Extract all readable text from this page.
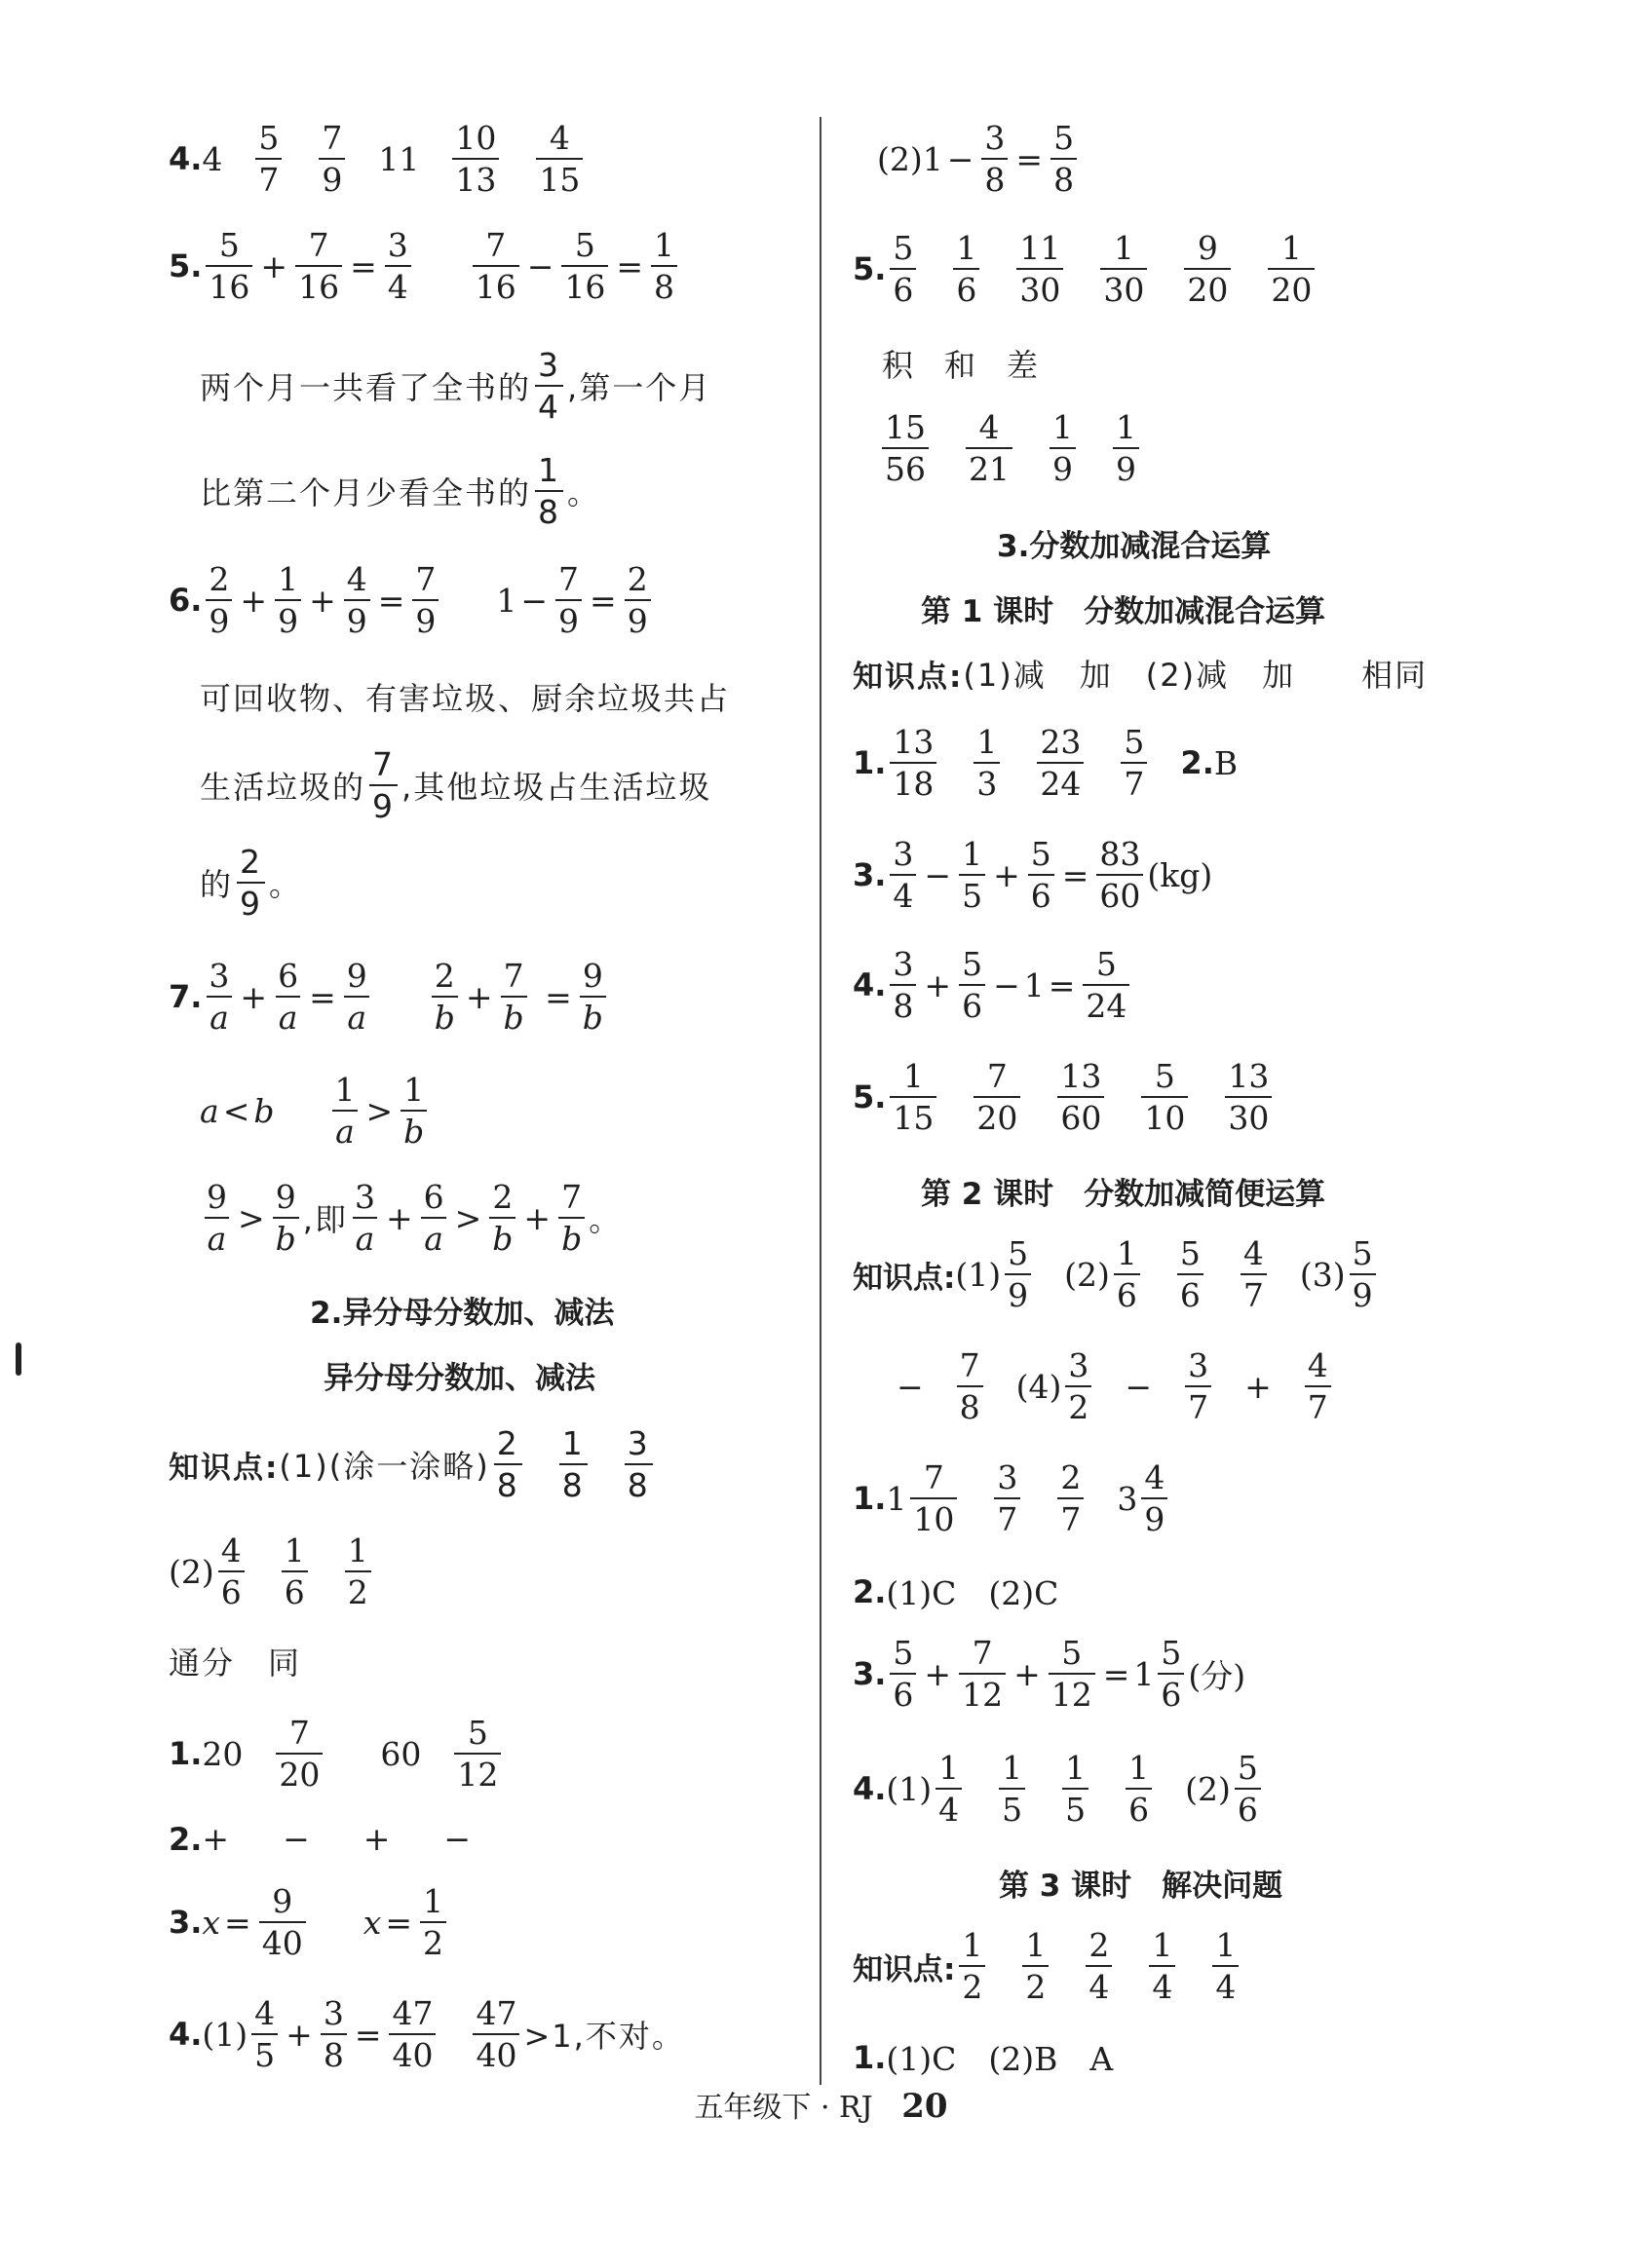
4. $4 \frac{5}{7} \frac{7}{9} 11 \frac{10}{13} \frac{4}{15}$
5. $\frac{5}{16} + \frac{7}{16} = \frac{3}{4} \frac{7}{16} - \frac{5}{16} = \frac{1}{8}$
两个月一共看了全书的 $\frac{3}{4}$ ,第一个月
比第二个月少看全书的 $\frac{1}{8}$ 。
6. $\frac{2}{9} + \frac{1}{9} + \frac{4}{9} = \frac{7}{9} 1 - \frac{7}{9} = \frac{2}{9}$
可回收物、有害垃圾、厨余垃圾共占
生活垃圾的 $\frac{7}{9}$ ,其他垃圾占生活垃圾
的 $\frac{2}{9}$ 。
7. $\frac{3}{a} + \frac{6}{a} = \frac{9}{a} \frac{2}{b} + \frac{7}{b} = \frac{9}{b}$
a < b $\frac{1}{a} > \frac{1}{b}$
$\frac{9}{a} > \frac{9}{b}$ ,即 $\frac{3}{a} + \frac{6}{a} > \frac{2}{b} + \frac{7}{b}$ 。
2.异分母分数加、减法
异分母分数加、减法
知识点: (1)(涂一涂略) $\frac{2}{8} \frac{1}{8} \frac{3}{8}$
$(2) \frac{4}{6} \frac{1}{6} \frac{1}{2}$
通分　同
1. $20 \frac{7}{20} 60 \frac{5}{12}$
2. + − + −
3. $x = \frac{9}{40}$ $x = \frac{1}{2}$
4. $(1) \frac{4}{5} + \frac{3}{8} = \frac{47}{40} \frac{47}{40} >1$,不对。
$(2)1 - \frac{3}{8} = \frac{5}{8}$
5. $\frac{5}{6} \frac{1}{6} \frac{11}{30} \frac{1}{30} \frac{9}{20} \frac{1}{20}$
积 和 差
$\frac{15}{56} \frac{4}{21} \frac{1}{9} \frac{1}{9}$
3.分数加减混合运算
第 1 课时　分数加减混合运算
知识点: (1)减　加　(2)减　加　　相同
1. $\frac{13}{18} \frac{1}{3} \frac{23}{24} \frac{5}{7} 2$. B
3. $\frac{3}{4} - \frac{1}{5} + \frac{5}{6} = \frac{83}{60} (kg)$
4. $\frac{3}{8} + \frac{5}{6} - 1 = \frac{5}{24}$
5. $\frac{1}{15} \frac{7}{20} \frac{13}{60} \frac{5}{10} \frac{13}{30}$
第 2 课时　分数加减简便运算
知识点: $(1) \frac{5}{9} (2) \frac{1}{6} \frac{5}{6} \frac{4}{7} (3) \frac{5}{9}$
− $\frac{7}{8} (4) \frac{3}{2} - \frac{3}{7} + \frac{4}{7}$
1. $1 \frac{7}{10} \frac{3}{7} \frac{2}{7} 3 \frac{4}{9}$
2. (1)C　(2)C
3. $\frac{5}{6} + \frac{7}{12} + \frac{5}{12} = 1 \frac{5}{6}$ (分)
4. $(1) \frac{1}{4} \frac{1}{5} \frac{1}{5} \frac{1}{6} (2) \frac{5}{6}$
第 3 课时　解决问题
知识点: $\frac{1}{2} \frac{1}{2} \frac{2}{4} \frac{1}{4} \frac{1}{4}$
1. (1)C　(2)B　A
五年级下 · RJ 20
